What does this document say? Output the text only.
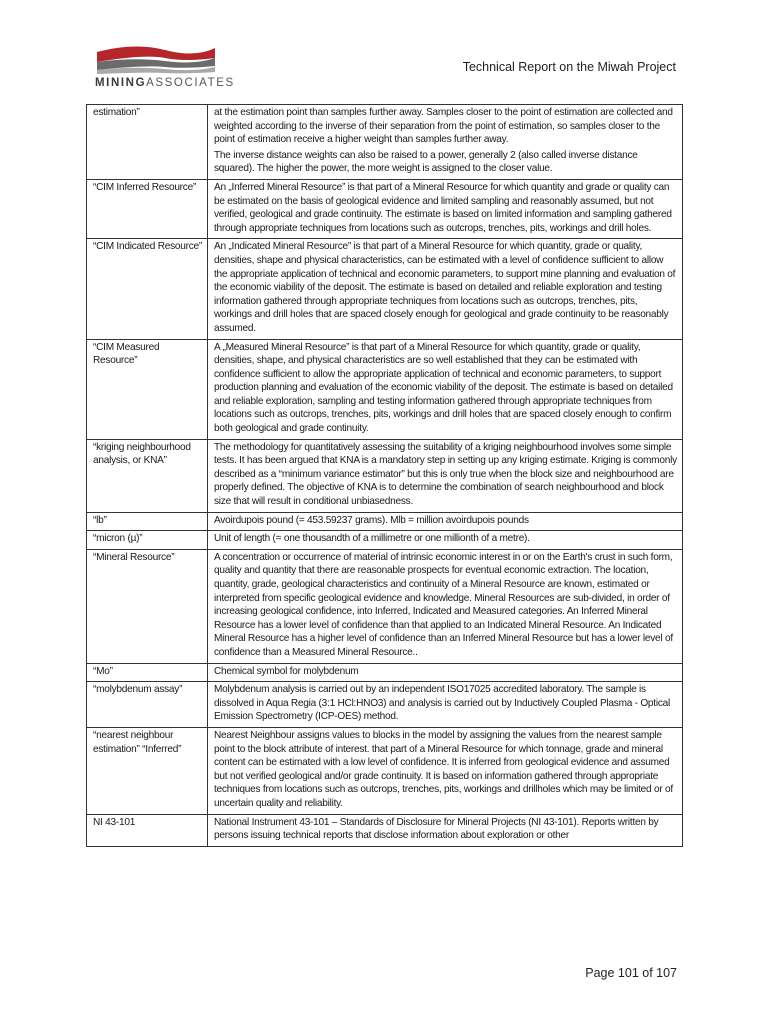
MININGASSOCIATES
Technical Report on the Miwah Project
estimation”	at the estimation point than samples further away. Samples closer to the point of estimation are collected and weighted according to the inverse of their separation from the point of estimation, so samples closer to the point of estimation receive a higher weight than samples further away.

The inverse distance weights can also be raised to a power, generally 2 (also called inverse distance squared). The higher the power, the more weight is assigned to the closer value.

“CIM Inferred Resource”	An „Inferred Mineral Resource” is that part of a Mineral Resource for which quantity and grade or quality can be estimated on the basis of geological evidence and limited sampling and reasonably assumed, but not verified, geological and grade continuity. The estimate is based on limited information and sampling gathered through appropriate techniques from locations such as outcrops, trenches, pits, workings and drill holes.

“CIM Indicated Resource”	An „Indicated Mineral Resource” is that part of a Mineral Resource for which quantity, grade or quality, densities, shape and physical characteristics, can be estimated with a level of confidence sufficient to allow the appropriate application of technical and economic parameters, to support mine planning and evaluation of the economic viability of the deposit. The estimate is based on detailed and reliable exploration and testing information gathered through appropriate techniques from locations such as outcrops, trenches, pits, workings and drill holes that are spaced closely enough for geological and grade continuity to be reasonably assumed.

“CIM Measured Resource”	A „Measured Mineral Resource” is that part of a Mineral Resource for which quantity, grade or quality, densities, shape, and physical characteristics are so well established that they can be estimated with confidence sufficient to allow the appropriate application of technical and economic parameters, to support production planning and evaluation of the economic viability of the deposit. The estimate is based on detailed and reliable exploration, sampling and testing information gathered through appropriate techniques from locations such as outcrops, trenches, pits, workings and drill holes that are spaced closely enough to confirm both geological and grade continuity.

“kriging neighbourhood analysis, or KNA”	The methodology for quantitatively assessing the suitability of a kriging neighbourhood involves some simple tests. It has been argued that KNA is a mandatory step in setting up any kriging estimate. Kriging is commonly described as a “minimum variance estimator” but this is only true when the block size and neighbourhood are properly defined. The objective of KNA is to determine the combination of search neighbourhood and block size that will result in conditional unbiasedness.

“lb”	Avoirdupois pound (= 453.59237 grams). Mlb = million avoirdupois pounds

“micron (µ)”	Unit of length (= one thousandth of a millimetre or one millionth of a metre).

“Mineral Resource”	A concentration or occurrence of material of intrinsic economic interest in or on the Earth's crust in such form, quality and quantity that there are reasonable prospects for eventual economic extraction. The location, quantity, grade, geological characteristics and continuity of a Mineral Resource are known, estimated or interpreted from specific geological evidence and knowledge. Mineral Resources are sub-divided, in order of increasing geological confidence, into Inferred, Indicated and Measured categories. An Inferred Mineral Resource has a lower level of confidence than that applied to an Indicated Mineral Resource. An Indicated Mineral Resource has a higher level of confidence than an Inferred Mineral Resource but has a lower level of confidence than a Measured Mineral Resource..

“Mo”	Chemical symbol for molybdenum

“molybdenum assay”	Molybdenum analysis is carried out by an independent ISO17025 accredited laboratory. The sample is dissolved in Aqua Regia (3:1 HCl:HNO3) and analysis is carried out by Inductively Coupled Plasma - Optical Emission Spectrometry (ICP-OES) method.

“nearest neighbour estimation” “Inferred”	Nearest Neighbour assigns values to blocks in the model by assigning the values from the nearest sample point to the block attribute of interest. that part of a Mineral Resource for which tonnage, grade and mineral content can be estimated with a low level of confidence. It is inferred from geological evidence and assumed but not verified geological and/or grade continuity. It is based on information gathered through appropriate techniques from locations such as outcrops, trenches, pits, workings and drillholes which may be limited or of uncertain quality and reliability.

NI 43-101	National Instrument 43-101 – Standards of Disclosure for Mineral Projects (NI 43-101). Reports written by persons issuing technical reports that disclose information about exploration or other

Page 101 of 107
